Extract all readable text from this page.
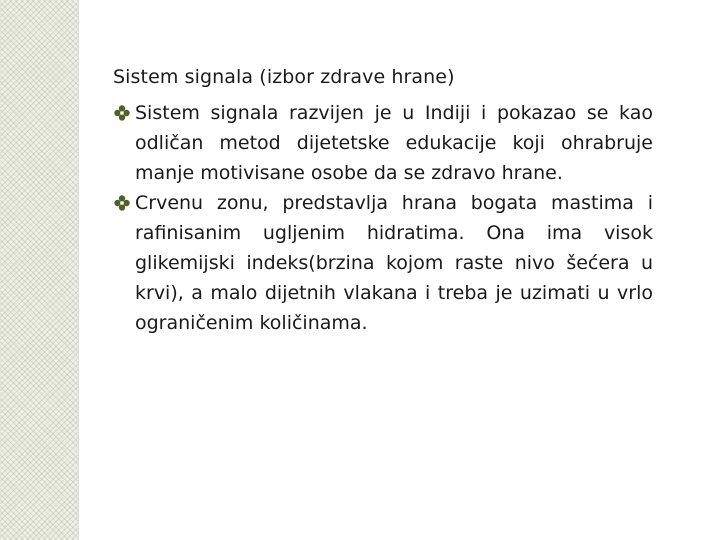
Sistem signala (izbor zdrave hrane)
Sistem signala razvijen je u Indiji i pokazao se kao odličan metod dijetetske edukacije koji ohrabruje manje motivisane osobe da se zdravo hrane.
Crvenu zonu, predstavlja hrana bogata mastima i rafinisanim ugljenim hidratima. Ona ima visok glikemijski indeks(brzina kojom raste nivo šećera u krvi), a malo dijetnih vlakana i treba je uzimati u vrlo ograničenim količinama.
